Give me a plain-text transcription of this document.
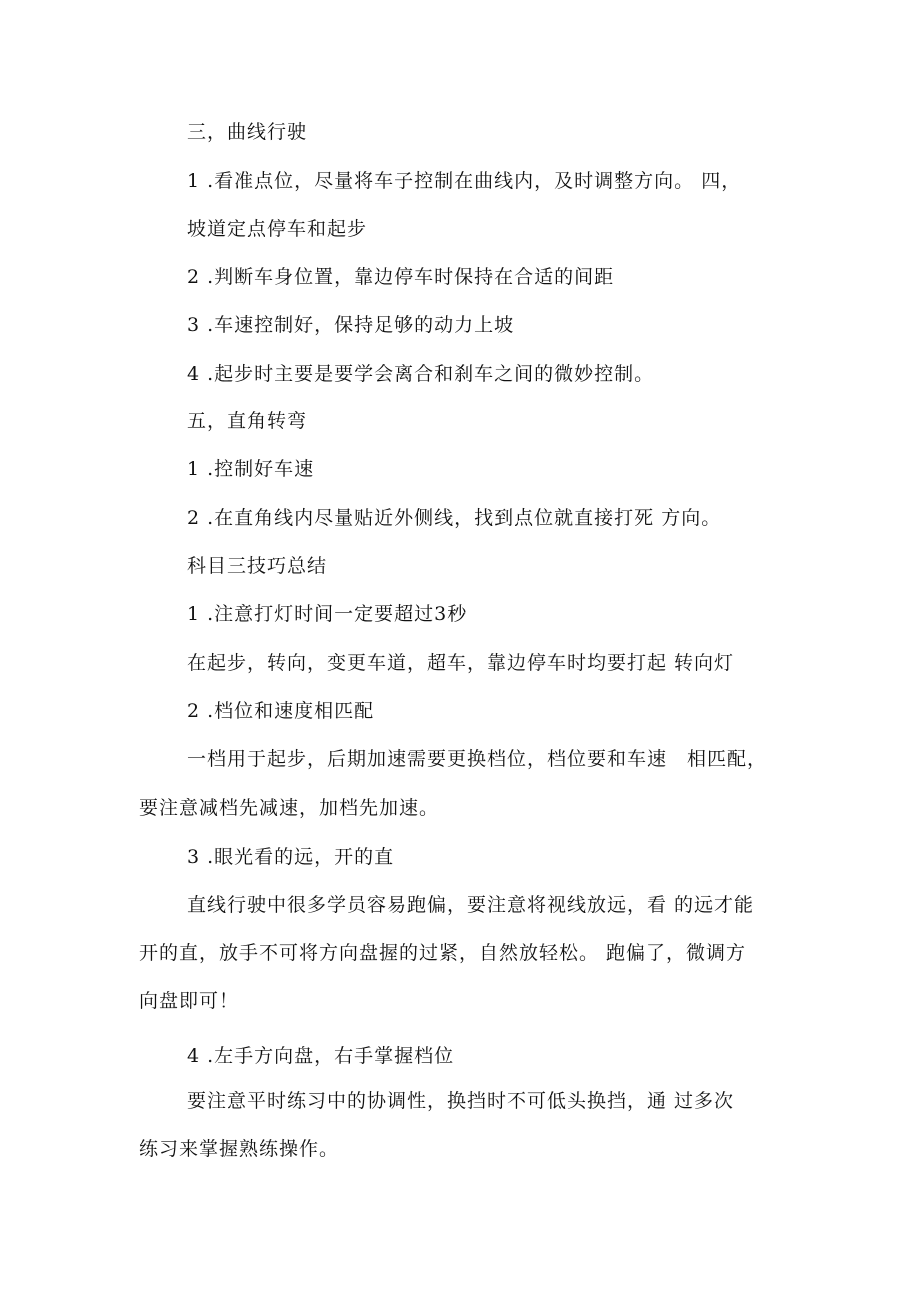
三，曲线行驶
1 .看准点位，尽量将车子控制在曲线内，及时调整方向。 四，
坡道定点停车和起步
2 .判断车身位置，靠边停车时保持在合适的间距
3 .车速控制好，保持足够的动力上坡
4 .起步时主要是要学会离合和刹车之间的微妙控制。
五，直角转弯
1 .控制好车速
2 .在直角线内尽量贴近外侧线，找到点位就直接打死 方向。
科目三技巧总结
1 .注意打灯时间一定要超过3秒
在起步，转向，变更车道，超车，靠边停车时均要打起 转向灯
2 .档位和速度相匹配
一档用于起步，后期加速需要更换档位，档位要和车速　相匹配，
要注意减档先减速，加档先加速。
3 .眼光看的远，开的直
直线行驶中很多学员容易跑偏，要注意将视线放远，看 的远才能
开的直，放手不可将方向盘握的过紧，自然放轻松。 跑偏了，微调方
向盘即可！
4 .左手方向盘，右手掌握档位
要注意平时练习中的协调性，换挡时不可低头换挡，通 过多次
练习来掌握熟练操作。
